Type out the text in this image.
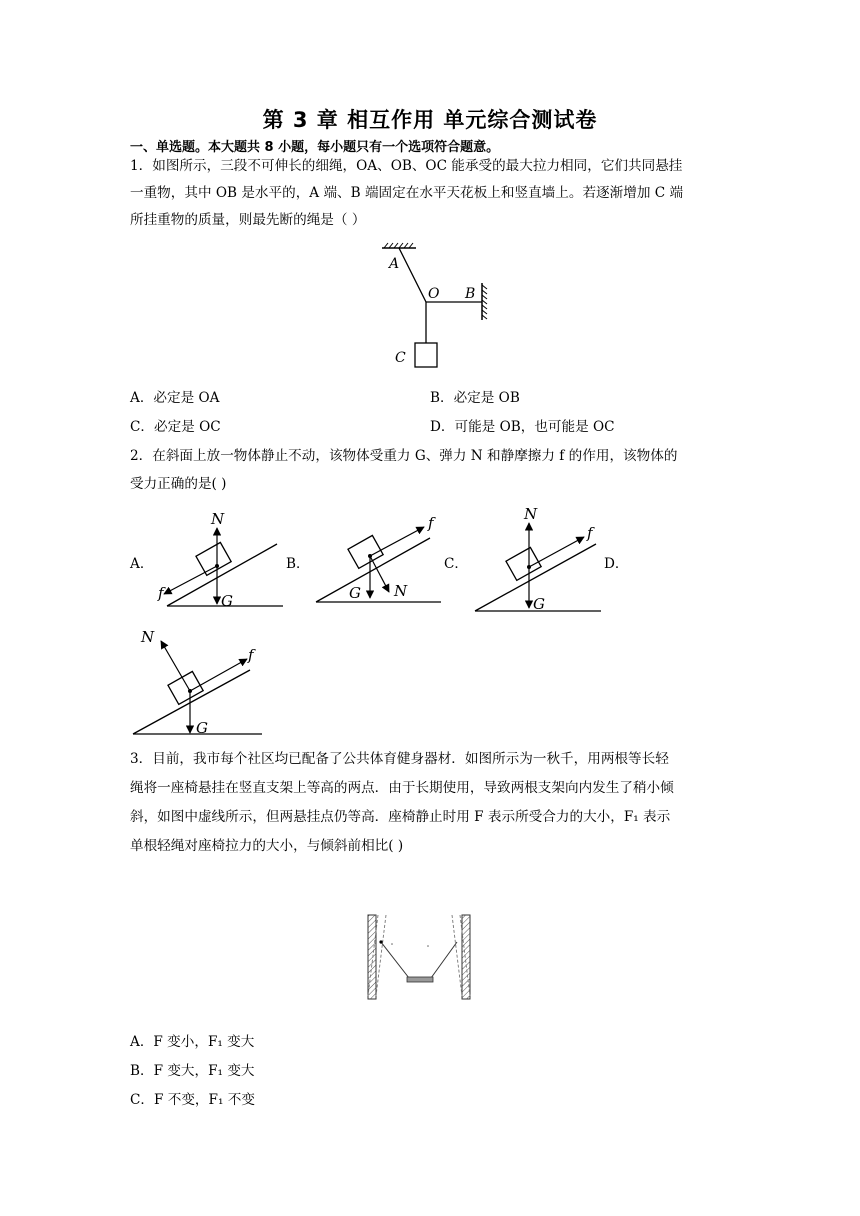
第 3 章 相互作用 单元综合测试卷
一、单选题。本大题共 8 小题，每小题只有一个选项符合题意。
1．如图所示，三段不可伸长的细绳，OA、OB、OC 能承受的最大拉力相同，它们共同悬挂
一重物，其中 OB 是水平的，A 端、B 端固定在水平天花板上和竖直墙上。若逐渐增加 C 端
所挂重物的质量，则最先断的绳是（ ）
A
O B
C
A．必定是 OA	B．必定是 OB
C．必定是 OC	D．可能是 OB，也可能是 OC
2．在斜面上放一物体静止不动，该物体受重力 G、弹力 N 和静摩擦力 f 的作用，该物体的
受力正确的是( )
N
G
f
f
G N
N
G
f
N
G
f
A．	B．	C．	D．
3．目前，我市每个社区均已配备了公共体育健身器材．如图所示为一秋千，用两根等长轻
绳将一座椅悬挂在竖直支架上等高的两点．由于长期使用，导致两根支架向内发生了稍小倾
斜，如图中虚线所示，但两悬挂点仍等高．座椅静止时用 F 表示所受合力的大小，F₁ 表示
单根轻绳对座椅拉力的大小，与倾斜前相比( )
A．F 变小，F₁ 变大
B．F 变大，F₁ 变大
C．F 不变，F₁ 不变
